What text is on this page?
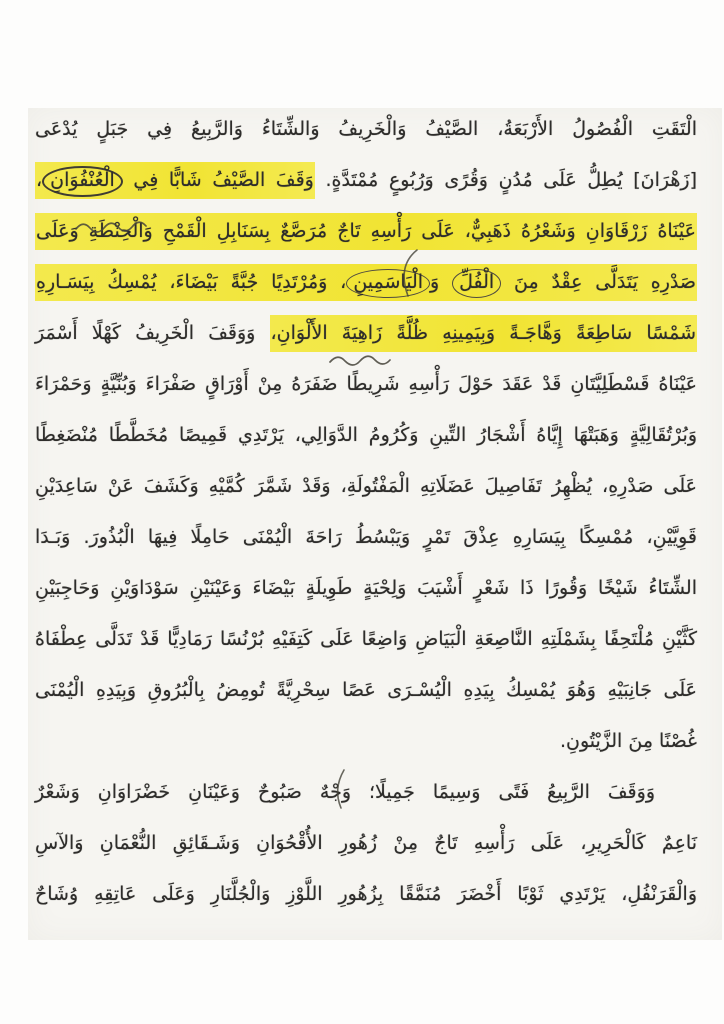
الْتَقَتِ الْفُصُولُ الأَرْبَعَةُ، الصَّيْفُ وَالْخَرِيفُ وَالشِّتَاءُ وَالرَّبِيعُ فِي جَبَلٍ يُدْعَى
[زَهْرَانَ] يُطِلُّ عَلَى مُدُنٍ وَقُرًى وَرُبُوعٍ مُمْتَدَّةٍ. وَقَفَ الصَّيْفُ شَابًّا فِي الْعُنْفُوَانِ،
عَيْنَاهُ زَرْقَاوَانِ وَشَعْرُهُ ذَهَبِيٌّ، عَلَى رَأْسِهِ تَاجٌ مُرَصَّعٌ بِسَنَابِلِ الْقَمْحِ وَالْحِنْطَةِ وَعَلَى
صَدْرِهِ يَتَدَلَّى عِقْدٌ مِنَ الْفُلِّ وَالْيَاسَمِينِ، وَمُرْتَدِيًا جُبَّةً بَيْضَاءَ، يُمْسِكُ بِيَسَـارِهِ
شَمْسًا سَاطِعَةً وَهَّاجَـةً وَبِيَمِينِهِ ظُلَّةً زَاهِيَةَ الأَلْوَانِ، وَوَقَفَ الْخَرِيفُ كَهْلًا أَسْمَرَ
عَيْنَاهُ قَسْطَلِيَّتَانِ قَدْ عَقَدَ حَوْلَ رَأْسِهِ شَرِيطًا ضَفَرَهُ مِنْ أَوْرَاقٍ صَفْرَاءَ وَبُنِّيَّةٍ وَحَمْرَاءَ
وَبُرْتُقَالِيَّةٍ وَهَبَتْهَا إِيَّاهُ أَشْجَارُ التِّينِ وَكُرُومُ الدَّوَالِي، يَرْتَدِي قَمِيصًا مُخَطَّطًا مُنْضَغِطًا
عَلَى صَدْرِهِ، يُظْهِرُ تَفَاصِيلَ عَضَلَاتِهِ الْمَفْتُولَةِ، وَقَدْ شَمَّرَ كُمَّيْهِ وَكَشَفَ عَنْ سَاعِدَيْنِ
قَوِيَّيْنِ، مُمْسِكًا بِيَسَارِهِ عِذْقَ تَمْرٍ وَيَبْسُطُ رَاحَةَ الْيُمْنَى حَامِلًا فِيهَا الْبُذُورَ. وَبَـدَا
الشِّتَاءُ شَيْخًا وَقُورًا ذَا شَعْرٍ أَشْيَبَ وَلِحْيَةٍ طَوِيلَةٍ بَيْضَاءَ وَعَيْنَيْنِ سَوْدَاوَيْنِ وَحَاجِبَيْنِ
كَثَّيْنِ مُلْتَحِفًا بِشَمْلَتِهِ النَّاصِعَةِ الْبَيَاضِ وَاضِعًا عَلَى كَتِفَيْهِ بُرْنُسًا رَمَادِيًّا قَدْ تَدَلَّى عِطْفَاهُ
عَلَى جَانِبَيْهِ وَهُوَ يُمْسِكُ بِيَدِهِ الْيُسْـرَى عَصًا سِحْرِيَّةً تُومِضُ بِالْبُرُوقِ وَبِيَدِهِ الْيُمْنَى
غُصْنًا مِنَ الزَّيْتُونِ.
وَوَقَفَ الرَّبِيعُ فَتًى وَسِيمًا جَمِيلًا؛ وَجْهٌ صَبُوحٌ وَعَيْنَانِ خَضْرَاوَانِ وَشَعْرٌ
نَاعِمٌ كَالْحَرِيرِ، عَلَى رَأْسِهِ تَاجٌ مِنْ زُهُورِ الأُقْحُوَانِ وَشَـقَائِقِ النُّعْمَانِ وَالآسِ
وَالْقَرَنْفُلِ، يَرْتَدِي ثَوْبًا أَخْضَرَ مُنَمَّقًا بِزُهُورِ اللَّوْزِ وَالْجُلَّنَارِ وَعَلَى عَاتِقِهِ وُشَاحٌ
